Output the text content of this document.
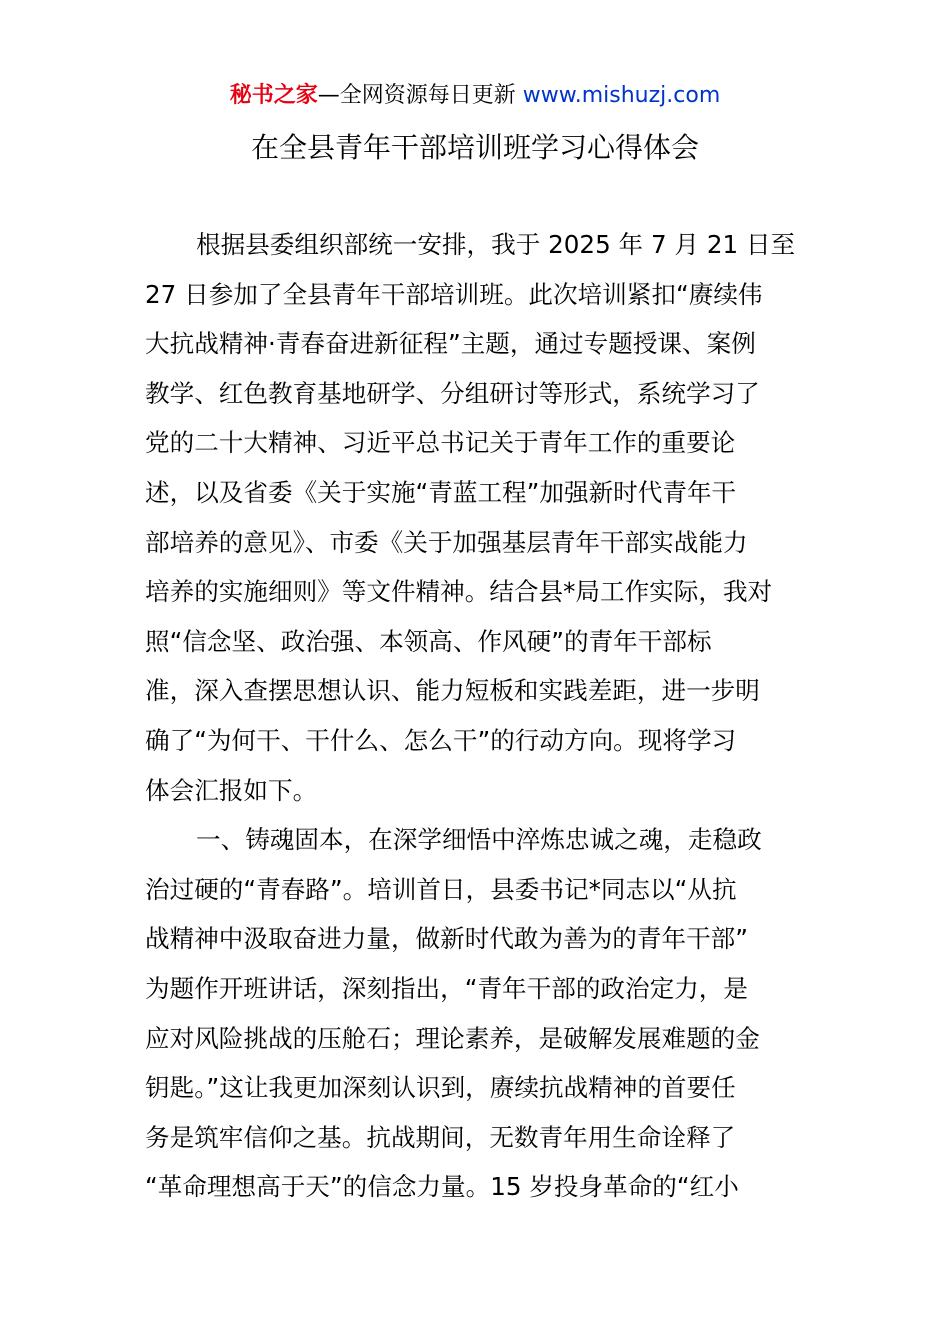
秘书之家—全网资源每日更新 www.mishuzj.com
在全县青年干部培训班学习心得体会
根据县委组织部统一安排，我于 2025 年 7 月 21 日至
27 日参加了全县青年干部培训班。此次培训紧扣“赓续伟
大抗战精神·青春奋进新征程”主题，通过专题授课、案例
教学、红色教育基地研学、分组研讨等形式，系统学习了
党的二十大精神、习近平总书记关于青年工作的重要论
述，以及省委《关于实施“青蓝工程”加强新时代青年干
部培养的意见》、市委《关于加强基层青年干部实战能力
培养的实施细则》等文件精神。结合县*局工作实际，我对
照“信念坚、政治强、本领高、作风硬”的青年干部标
准，深入查摆思想认识、能力短板和实践差距，进一步明
确了“为何干、干什么、怎么干”的行动方向。现将学习
体会汇报如下。
一、铸魂固本，在深学细悟中淬炼忠诚之魂，走稳政
治过硬的“青春路”。培训首日，县委书记*同志以“从抗
战精神中汲取奋进力量，做新时代敢为善为的青年干部”
为题作开班讲话，深刻指出，“青年干部的政治定力，是
应对风险挑战的压舱石；理论素养，是破解发展难题的金
钥匙。”这让我更加深刻认识到，赓续抗战精神的首要任
务是筑牢信仰之基。抗战期间，无数青年用生命诠释了
“革命理想高于天”的信念力量。15 岁投身革命的“红小
